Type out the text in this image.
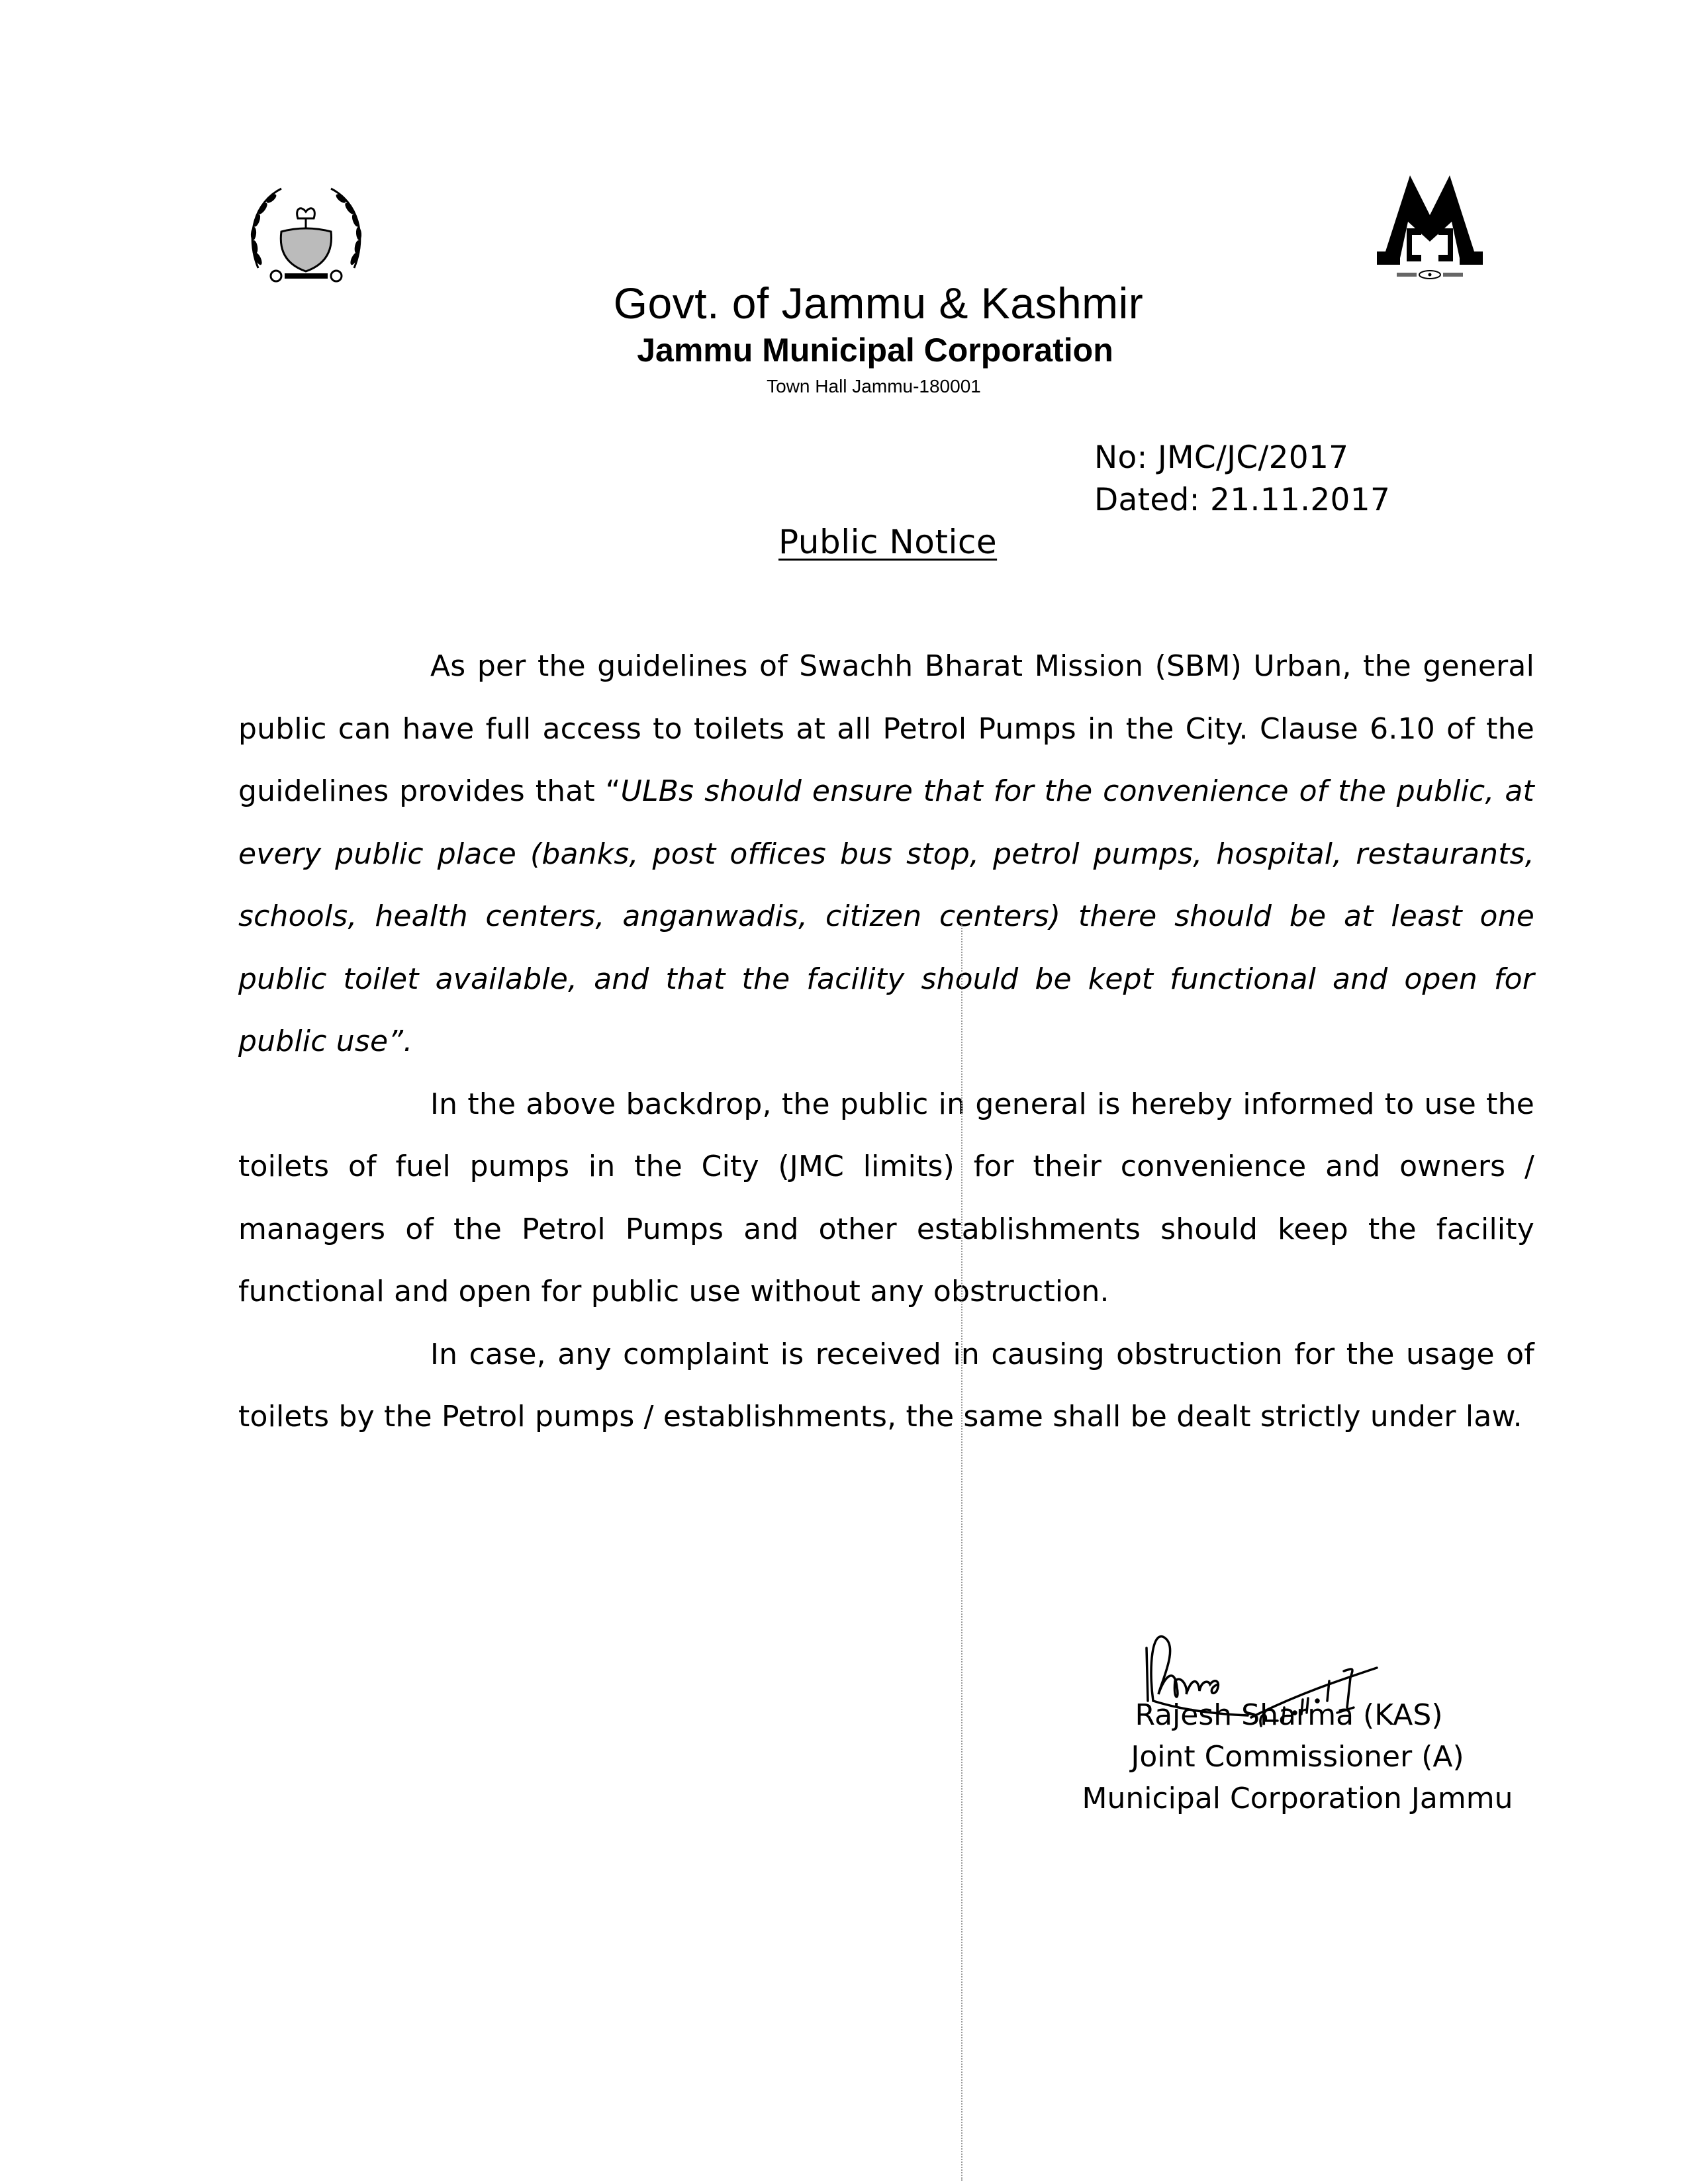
Govt. of Jammu & Kashmir
Jammu Municipal Corporation
Town Hall Jammu-180001
No: JMC/JC/2017
Dated: 21.11.2017
Public Notice

As per the guidelines of Swachh Bharat Mission (SBM) Urban, the general public can have full access to toilets at all Petrol Pumps in the City. Clause 6.10 of the guidelines provides that “ULBs should ensure that for the convenience of the public, at every public place (banks, post offices bus stop, petrol pumps, hospital, restaurants, schools, health centers, anganwadis, citizen centers) there should be at least one public toilet available, and that the facility should be kept functional and open for public use”.

In the above backdrop, the public in general is hereby informed to use the toilets of fuel pumps in the City (JMC limits) for their convenience and owners / managers of the Petrol Pumps and other establishments should keep the facility functional and open for public use without any obstruction.

In case, any complaint is received in causing obstruction for the usage of toilets by the Petrol pumps / establishments, the same shall be dealt strictly under law.

Rajesh Sharma (KAS)
Joint Commissioner (A)
Municipal Corporation Jammu
